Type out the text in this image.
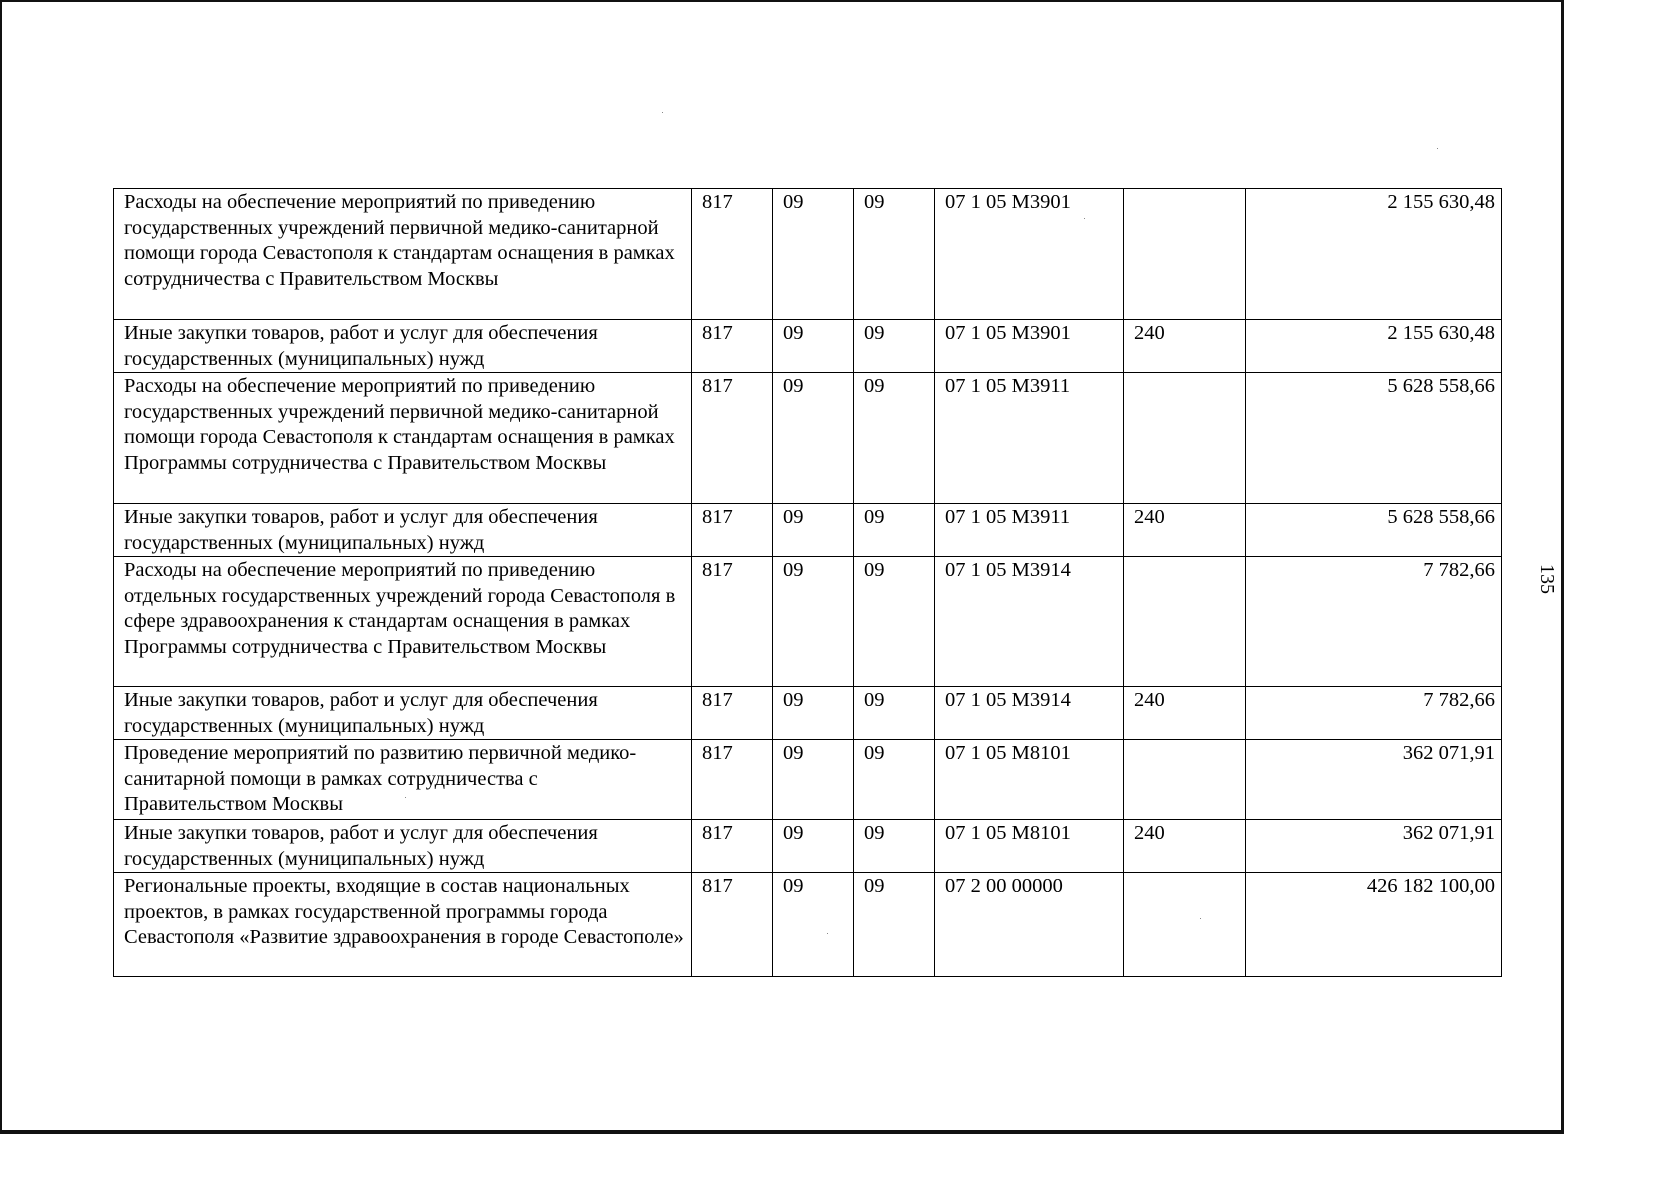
135
Расходы на обеспечение мероприятий по приведению государственных учреждений первичной медико-санитарной помощи города Севастополя к стандартам оснащения в рамках сотрудничества с Правительством Москвы	817	09	09	07 1 05 М3901		2 155 630,48
Иные закупки товаров, работ и услуг для обеспечения государственных (муниципальных) нужд	817	09	09	07 1 05 М3901	240	2 155 630,48
Расходы на обеспечение мероприятий по приведению государственных учреждений первичной медико-санитарной помощи города Севастополя к стандартам оснащения в рамках Программы сотрудничества с Правительством Москвы	817	09	09	07 1 05 М3911		5 628 558,66
Иные закупки товаров, работ и услуг для обеспечения государственных (муниципальных) нужд	817	09	09	07 1 05 М3911	240	5 628 558,66
Расходы на обеспечение мероприятий по приведению отдельных государственных учреждений города Севастополя в сфере здравоохранения к стандартам оснащения в рамках Программы сотрудничества с Правительством Москвы	817	09	09	07 1 05 М3914		7 782,66
Иные закупки товаров, работ и услуг для обеспечения государственных (муниципальных) нужд	817	09	09	07 1 05 М3914	240	7 782,66
Проведение мероприятий по развитию первичной медико-санитарной помощи в рамках сотрудничества с Правительством Москвы	817	09	09	07 1 05 М8101		362 071,91
Иные закупки товаров, работ и услуг для обеспечения государственных (муниципальных) нужд	817	09	09	07 1 05 М8101	240	362 071,91
Региональные проекты, входящие в состав национальных проектов, в рамках государственной программы города Севастополя «Развитие здравоохранения в городе Севастополе»	817	09	09	07 2 00 00000		426 182 100,00
